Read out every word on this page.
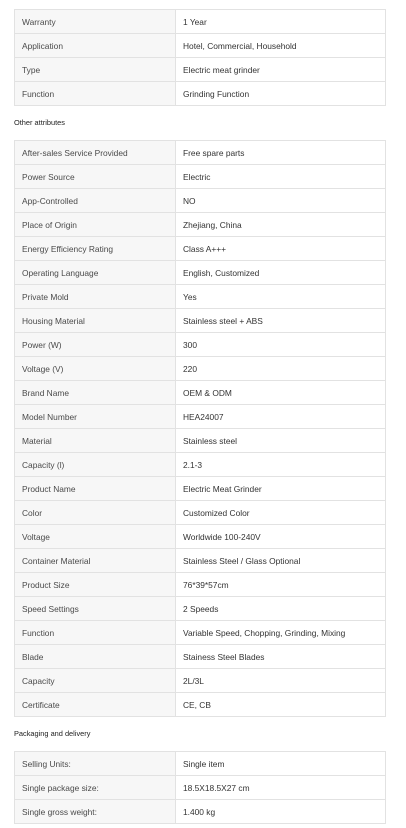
Warranty	1 Year
Application	Hotel, Commercial, Household
Type	Electric meat grinder
Function	Grinding Function
Other attributes
After-sales Service Provided	Free spare parts
Power Source	Electric
App-Controlled	NO
Place of Origin	Zhejiang, China
Energy Efficiency Rating	Class A+++
Operating Language	English, Customized
Private Mold	Yes
Housing Material	Stainless steel + ABS
Power (W)	300
Voltage (V)	220
Brand Name	OEM & ODM
Model Number	HEA24007
Material	Stainless steel
Capacity (l)	2.1-3
Product Name	Electric Meat Grinder
Color	Customized Color
Voltage	Worldwide 100-240V
Container Material	Stainless Steel / Glass Optional
Product Size	76*39*57cm
Speed Settings	2 Speeds
Function	Variable Speed, Chopping, Grinding, Mixing
Blade	Stainess Steel Blades
Capacity	2L/3L
Certificate	CE, CB
Packaging and delivery
Selling Units:	Single item
Single package size:	18.5X18.5X27 cm
Single gross weight:	1.400 kg
